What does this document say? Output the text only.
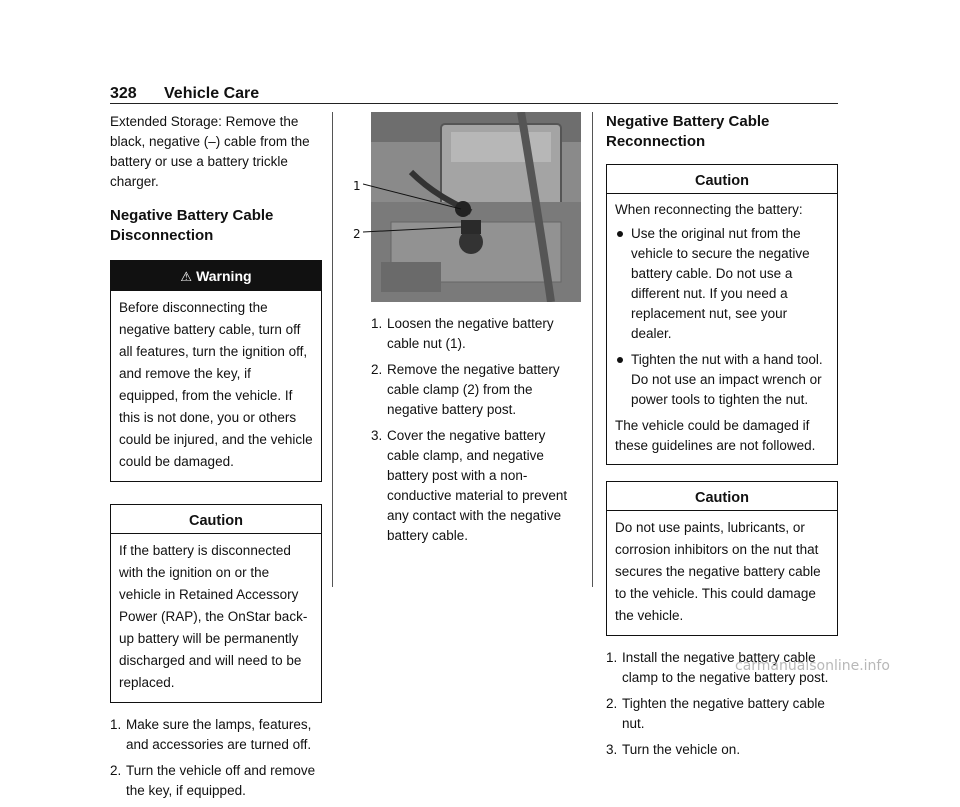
328 Vehicle Care

Extended Storage: Remove the black, negative (–) cable from the battery or use a battery trickle charger.

Negative Battery Cable Disconnection
⚠ Warning
Before disconnecting the negative battery cable, turn off all features, turn the ignition off, and remove the key, if equipped, from the vehicle. If this is not done, you or others could be injured, and the vehicle could be damaged.
Caution
If the battery is disconnected with the ignition on or the vehicle in Retained Accessory Power (RAP), the OnStar back-up battery will be permanently discharged and will need to be replaced.
1. Make sure the lamps, features, and accessories are turned off.
2. Turn the vehicle off and remove the key, if equipped.
1
2
1. Loosen the negative battery cable nut (1).
2. Remove the negative battery cable clamp (2) from the negative battery post.
3. Cover the negative battery cable clamp, and negative battery post with a non-conductive material to prevent any contact with the negative battery cable.
Negative Battery Cable Reconnection
Caution

When reconnecting the battery:

Use the original nut from the vehicle to secure the negative battery cable. Do not use a different nut. If you need a replacement nut, see your dealer.
Tighten the nut with a hand tool. Do not use an impact wrench or power tools to tighten the nut.

The vehicle could be damaged if these guidelines are not followed.

Caution
Do not use paints, lubricants, or corrosion inhibitors on the nut that secures the negative battery cable to the vehicle. This could damage the vehicle.
1. Install the negative battery cable clamp to the negative battery post.
2. Tighten the negative battery cable nut.
3. Turn the vehicle on.
carmanualsonline.info
